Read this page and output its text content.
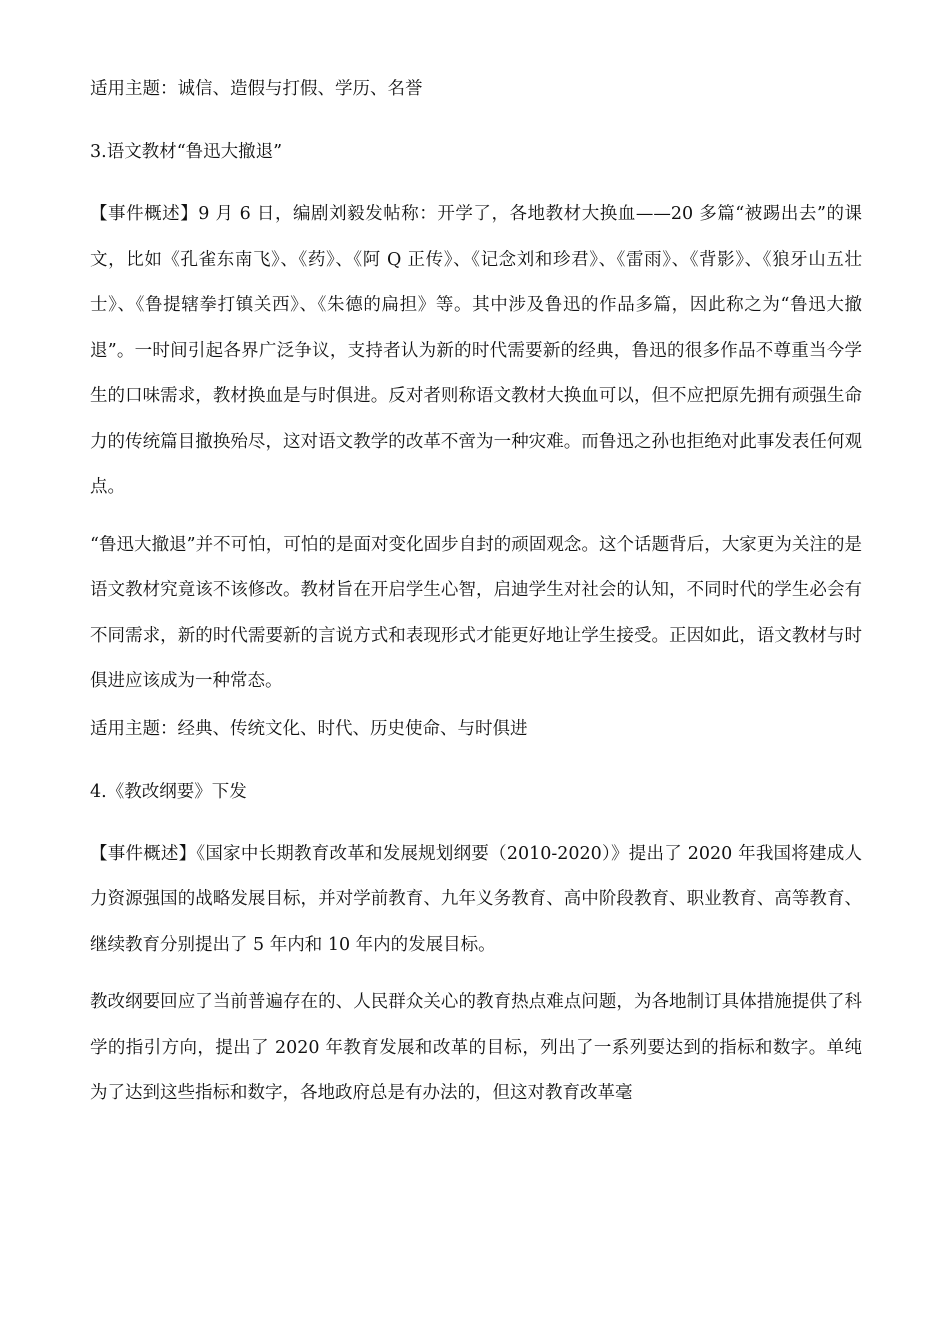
适用主题：诚信、造假与打假、学历、名誉

3.语文教材“鲁迅大撤退”

【事件概述】9 月 6 日，编剧刘毅发帖称：开学了，各地教材大换血——20 多篇“被踢出去”的课文，比如《孔雀东南飞》、《药》、《阿 Q 正传》、《记念刘和珍君》、《雷雨》、《背影》、《狼牙山五壮士》、《鲁提辖拳打镇关西》、《朱德的扁担》等。其中涉及鲁迅的作品多篇，因此称之为“鲁迅大撤退”。一时间引起各界广泛争议，支持者认为新的时代需要新的经典，鲁迅的很多作品不尊重当今学生的口味需求，教材换血是与时俱进。反对者则称语文教材大换血可以，但不应把原先拥有顽强生命力的传统篇目撤换殆尽，这对语文教学的改革不啻为一种灾难。而鲁迅之孙也拒绝对此事发表任何观点。

“鲁迅大撤退”并不可怕，可怕的是面对变化固步自封的顽固观念。这个话题背后，大家更为关注的是语文教材究竟该不该修改。教材旨在开启学生心智，启迪学生对社会的认知，不同时代的学生必会有不同需求，新的时代需要新的言说方式和表现形式才能更好地让学生接受。正因如此，语文教材与时俱进应该成为一种常态。

适用主题：经典、传统文化、时代、历史使命、与时俱进

4.《教改纲要》下发

【事件概述】《国家中长期教育改革和发展规划纲要（2010-2020）》提出了 2020 年我国将建成人力资源强国的战略发展目标，并对学前教育、九年义务教育、高中阶段教育、职业教育、高等教育、继续教育分别提出了 5 年内和 10 年内的发展目标。

教改纲要回应了当前普遍存在的、人民群众关心的教育热点难点问题，为各地制订具体措施提供了科学的指引方向，提出了 2020 年教育发展和改革的目标，列出了一系列要达到的指标和数字。单纯为了达到这些指标和数字，各地政府总是有办法的，但这对教育改革毫
